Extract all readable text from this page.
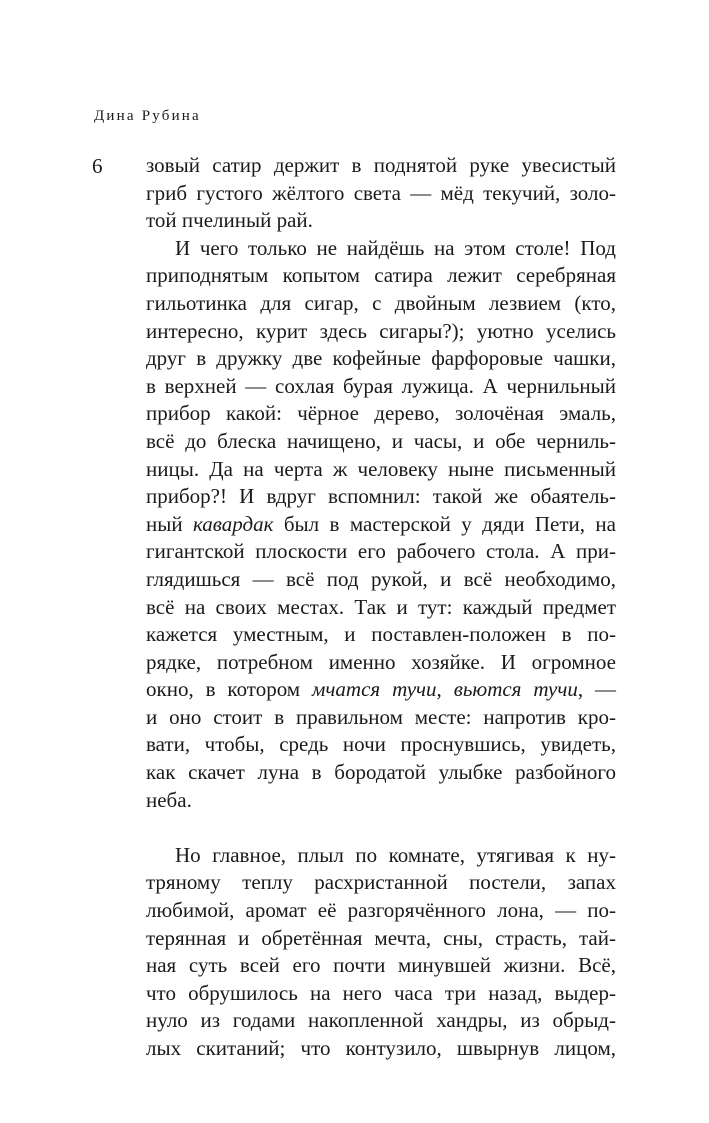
Дина Рубина
6 зовый сатир держит в поднятой руке увесистый
гриб густого жёлтого света — мёд текучий, золо-
той пчелиный рай.
И чего только не найдёшь на этом столе! Под
приподнятым копытом сатира лежит серебряная
гильотинка для сигар, с двойным лезвием (кто,
интересно, курит здесь сигары?); уютно уселись
друг в дружку две кофейные фарфоровые чашки,
в верхней — сохлая бурая лужица. А чернильный
прибор какой: чёрное дерево, золочёная эмаль,
всё до блеска начищено, и часы, и обе черниль-
ницы. Да на черта ж человеку ныне письменный
прибор?! И вдруг вспомнил: такой же обаятель-
ный кавардак был в мастерской у дяди Пети, на
гигантской плоскости его рабочего стола. А при-
глядишься — всё под рукой, и всё необходимо,
всё на своих местах. Так и тут: каждый предмет
кажется уместным, и поставлен-положен в по-
рядке, потребном именно хозяйке. И огромное
окно, в котором мчатся тучи, вьются тучи, —
и оно стоит в правильном месте: напротив кро-
вати, чтобы, средь ночи проснувшись, увидеть,
как скачет луна в бородатой улыбке разбойного
неба.
Но главное, плыл по комнате, утягивая к ну-
тряному теплу расхристанной постели, запах
любимой, аромат её разгорячённого лона, — по-
терянная и обретённая мечта, сны, страсть, тай-
ная суть всей его почти минувшей жизни. Всё,
что обрушилось на него часа три назад, выдер-
нуло из годами накопленной хандры, из обрыд-
лых скитаний; что контузило, швырнув лицом,
